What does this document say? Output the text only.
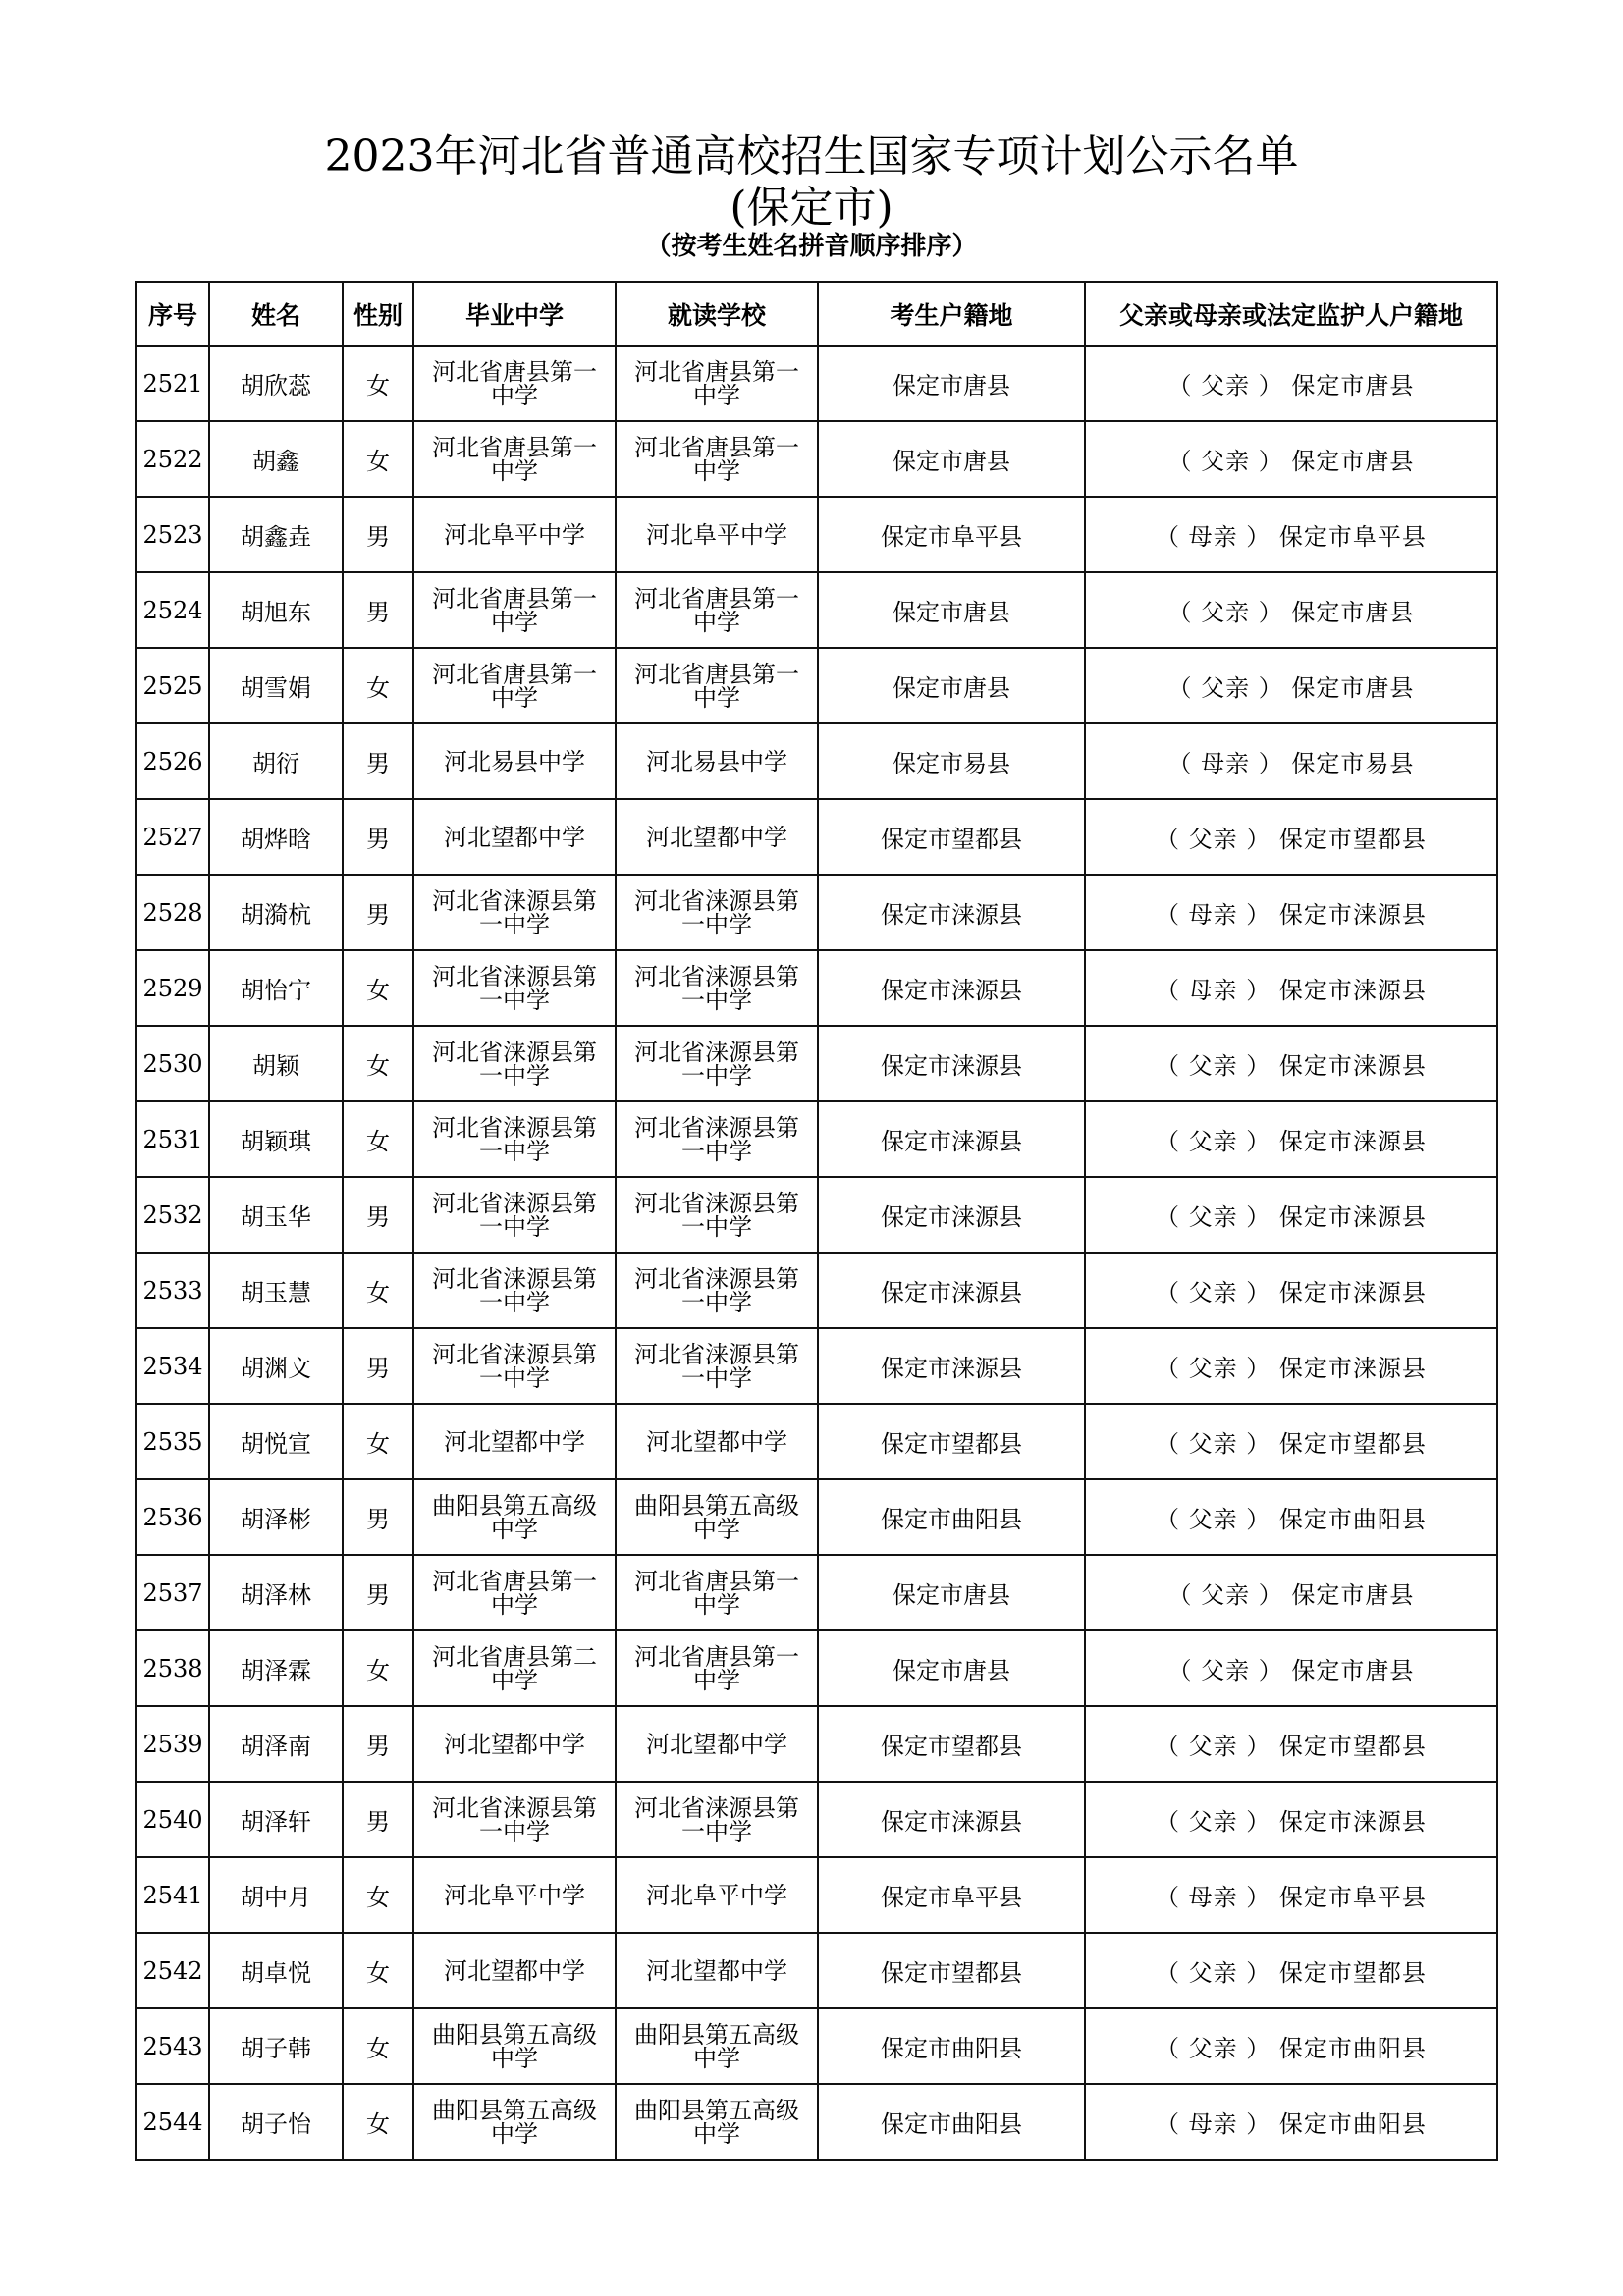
2023年河北省普通高校招生国家专项计划公示名单
(保定市)
（按考生姓名拼音顺序排序）
序号	姓名	性别	毕业中学	就读学校	考生户籍地	父亲或母亲或法定监护人户籍地
2521	胡欣蕊	女	河北省唐县第一中学	河北省唐县第一中学	保定市唐县	（ 父亲 ） 保定市唐县
2522	胡鑫	女	河北省唐县第一中学	河北省唐县第一中学	保定市唐县	（ 父亲 ） 保定市唐县
2523	胡鑫垚	男	河北阜平中学	河北阜平中学	保定市阜平县	（ 母亲 ） 保定市阜平县
2524	胡旭东	男	河北省唐县第一中学	河北省唐县第一中学	保定市唐县	（ 父亲 ） 保定市唐县
2525	胡雪娟	女	河北省唐县第一中学	河北省唐县第一中学	保定市唐县	（ 父亲 ） 保定市唐县
2526	胡衍	男	河北易县中学	河北易县中学	保定市易县	（ 母亲 ） 保定市易县
2527	胡烨晗	男	河北望都中学	河北望都中学	保定市望都县	（ 父亲 ） 保定市望都县
2528	胡漪杭	男	河北省涞源县第一中学	河北省涞源县第一中学	保定市涞源县	（ 母亲 ） 保定市涞源县
2529	胡怡宁	女	河北省涞源县第一中学	河北省涞源县第一中学	保定市涞源县	（ 母亲 ） 保定市涞源县
2530	胡颖	女	河北省涞源县第一中学	河北省涞源县第一中学	保定市涞源县	（ 父亲 ） 保定市涞源县
2531	胡颖琪	女	河北省涞源县第一中学	河北省涞源县第一中学	保定市涞源县	（ 父亲 ） 保定市涞源县
2532	胡玉华	男	河北省涞源县第一中学	河北省涞源县第一中学	保定市涞源县	（ 父亲 ） 保定市涞源县
2533	胡玉慧	女	河北省涞源县第一中学	河北省涞源县第一中学	保定市涞源县	（ 父亲 ） 保定市涞源县
2534	胡渊文	男	河北省涞源县第一中学	河北省涞源县第一中学	保定市涞源县	（ 父亲 ） 保定市涞源县
2535	胡悦宣	女	河北望都中学	河北望都中学	保定市望都县	（ 父亲 ） 保定市望都县
2536	胡泽彬	男	曲阳县第五高级中学	曲阳县第五高级中学	保定市曲阳县	（ 父亲 ） 保定市曲阳县
2537	胡泽林	男	河北省唐县第一中学	河北省唐县第一中学	保定市唐县	（ 父亲 ） 保定市唐县
2538	胡泽霖	女	河北省唐县第二中学	河北省唐县第一中学	保定市唐县	（ 父亲 ） 保定市唐县
2539	胡泽南	男	河北望都中学	河北望都中学	保定市望都县	（ 父亲 ） 保定市望都县
2540	胡泽轩	男	河北省涞源县第一中学	河北省涞源县第一中学	保定市涞源县	（ 父亲 ） 保定市涞源县
2541	胡中月	女	河北阜平中学	河北阜平中学	保定市阜平县	（ 母亲 ） 保定市阜平县
2542	胡卓悦	女	河北望都中学	河北望都中学	保定市望都县	（ 父亲 ） 保定市望都县
2543	胡子韩	女	曲阳县第五高级中学	曲阳县第五高级中学	保定市曲阳县	（ 父亲 ） 保定市曲阳县
2544	胡子怡	女	曲阳县第五高级中学	曲阳县第五高级中学	保定市曲阳县	（ 母亲 ） 保定市曲阳县
